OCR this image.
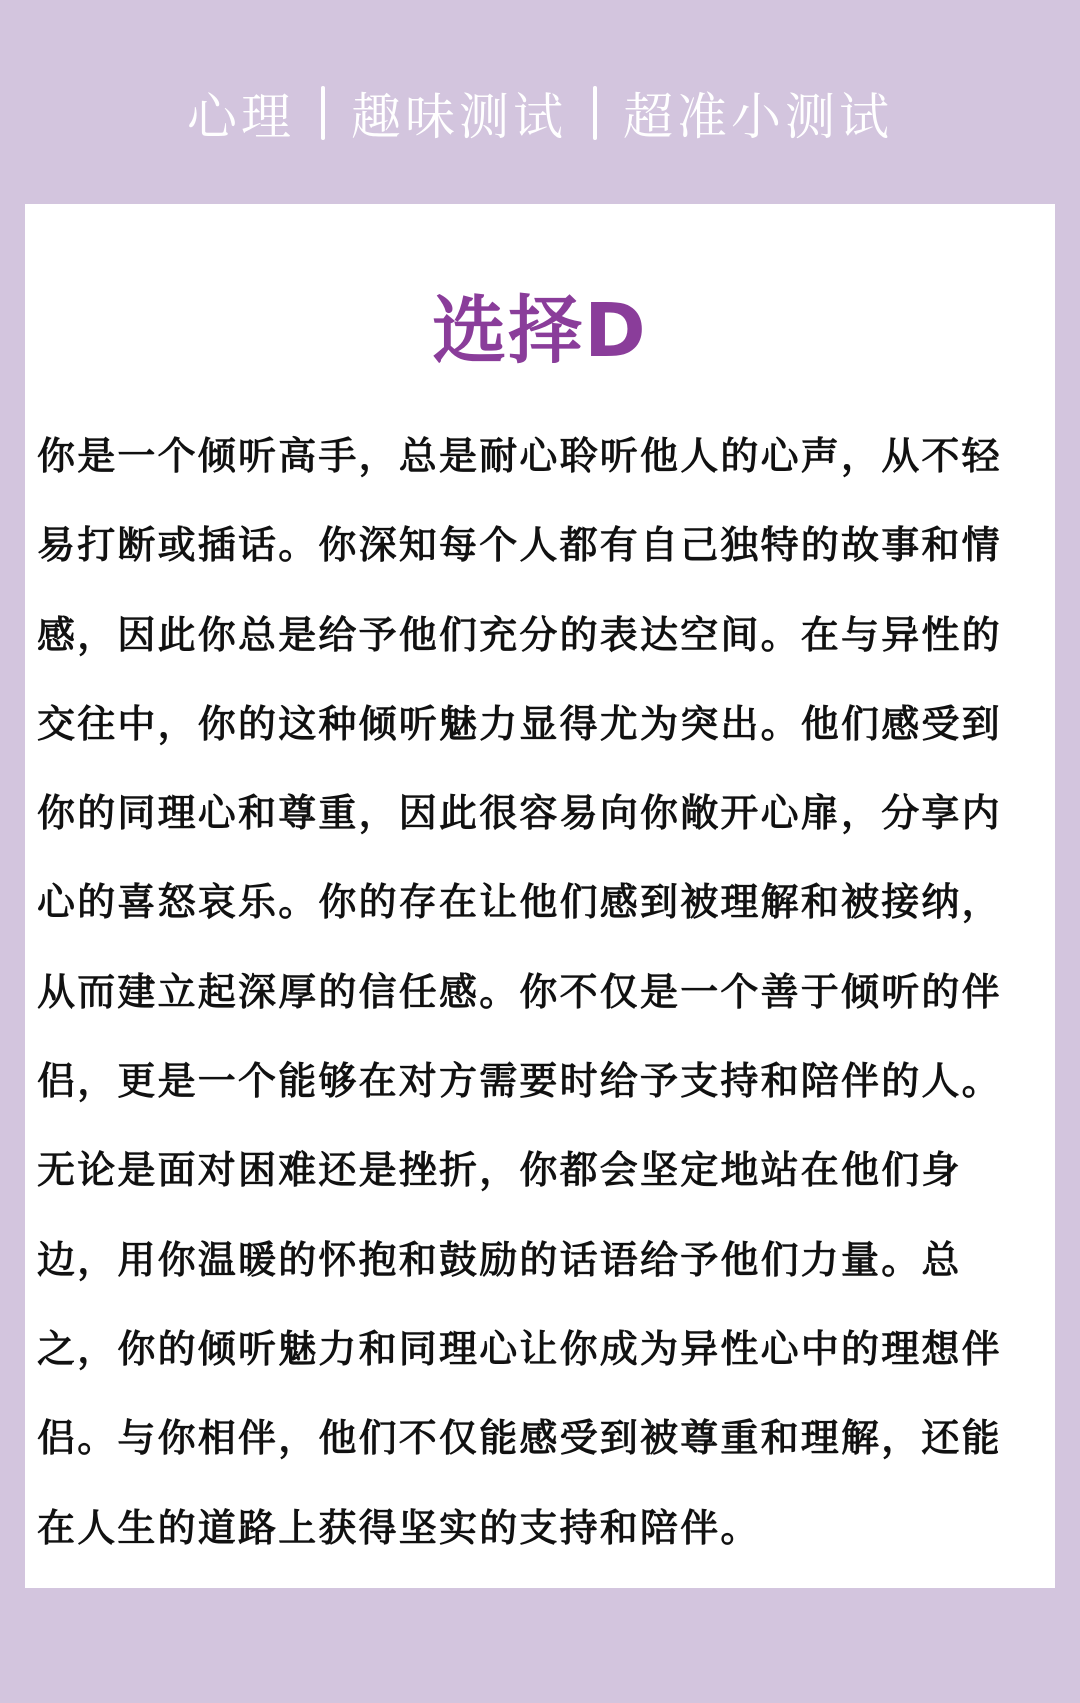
心理 趣味测试 超准小测试
选择D
你是一个倾听高手，总是耐心聆听他人的心声，从不轻
易打断或插话。你深知每个人都有自己独特的故事和情
感，因此你总是给予他们充分的表达空间。在与异性的
交往中，你的这种倾听魅力显得尤为突出。他们感受到
你的同理心和尊重，因此很容易向你敞开心扉，分享内
心的喜怒哀乐。你的存在让他们感到被理解和被接纳，
从而建立起深厚的信任感。你不仅是一个善于倾听的伴
侣，更是一个能够在对方需要时给予支持和陪伴的人。
无论是面对困难还是挫折，你都会坚定地站在他们身
边，用你温暖的怀抱和鼓励的话语给予他们力量。总
之，你的倾听魅力和同理心让你成为异性心中的理想伴
侣。与你相伴，他们不仅能感受到被尊重和理解，还能
在人生的道路上获得坚实的支持和陪伴。
